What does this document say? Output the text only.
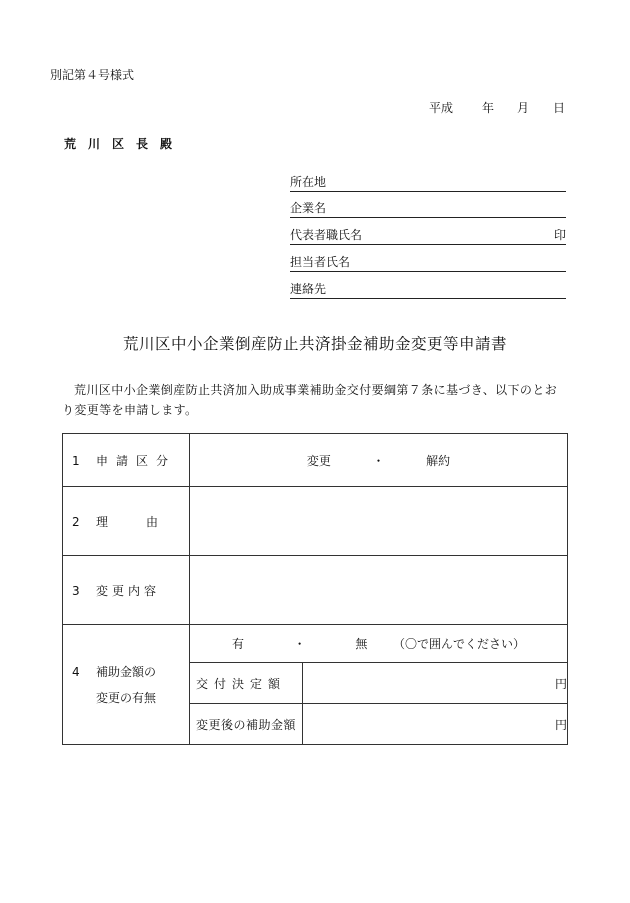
別記第４号様式
平成 年 月 日
荒川区長殿
所在地
企業名
代表者職氏名	印
担当者氏名
連絡先
荒川区中小企業倒産防止共済掛金補助金変更等申請書
荒川区中小企業倒産防止共済加入助成事業補助金交付要綱第７条に基づき、以下のとおり変更等を申請します。
1 申請区分	変更 ・ 解約	

2 理 由		

3 変更内容		

4 補助金額の
変更の有無	有 ・ 無 （〇で囲んでください）	
	交付決定額	円
	変更後の補助金額	円
